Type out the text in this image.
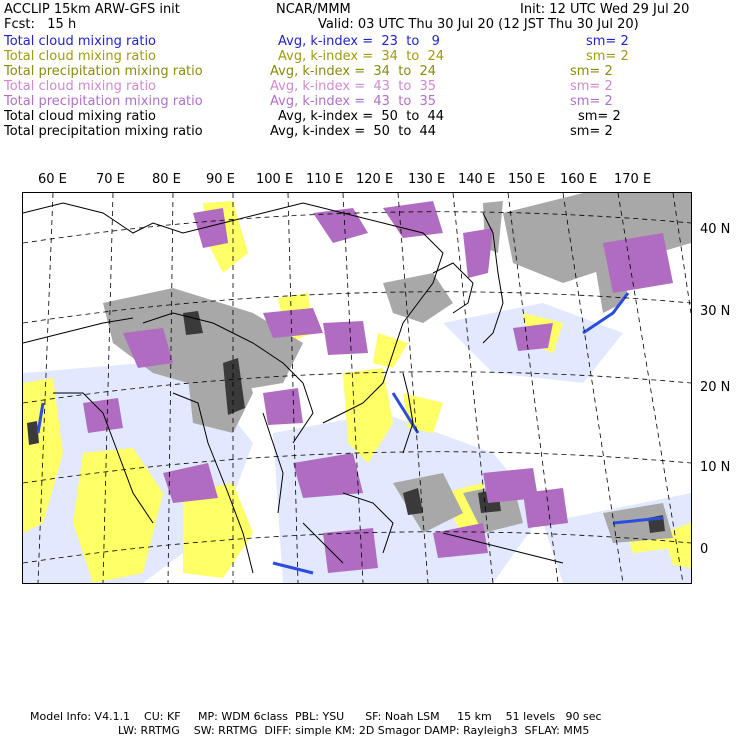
ACCLIP 15km ARW-GFS init	NCAR/MMM	Init: 12 UTC Wed 29 Jul 20
Fcst:   15 h	Valid: 03 UTC Thu 30 Jul 20 (12 JST Thu 30 Jul 20)
Total cloud mixing ratio	Avg, k-index =  23  to   9	sm= 2
Total cloud mixing ratio	Avg, k-index =  34  to  24	sm= 2
Total precipitation mixing ratio	Avg, k-index =  34  to  24	sm= 2
Total cloud mixing ratio	Avg, k-index =  43  to  35	sm= 2
Total precipitation mixing ratio	Avg, k-index =  43  to  35	sm= 2
Total cloud mixing ratio	Avg, k-index =  50  to  44	sm= 2
Total precipitation mixing ratio	Avg, k-index =  50  to  44	sm= 2
60 E 70 E 80 E 90 E 100 E 110 E 120 E 130 E 140 E 150 E 160 E 170 E
40 N
30 N
20 N
10 N
0
Model Info: V4.1.1    CU: KF     MP: WDM 6class  PBL: YSU      SF: Noah LSM     15 km    51 levels   90 sec
LW: RRTMG    SW: RRTMG  DIFF: simple KM: 2D Smagor DAMP: Rayleigh3  SFLAY: MM5
